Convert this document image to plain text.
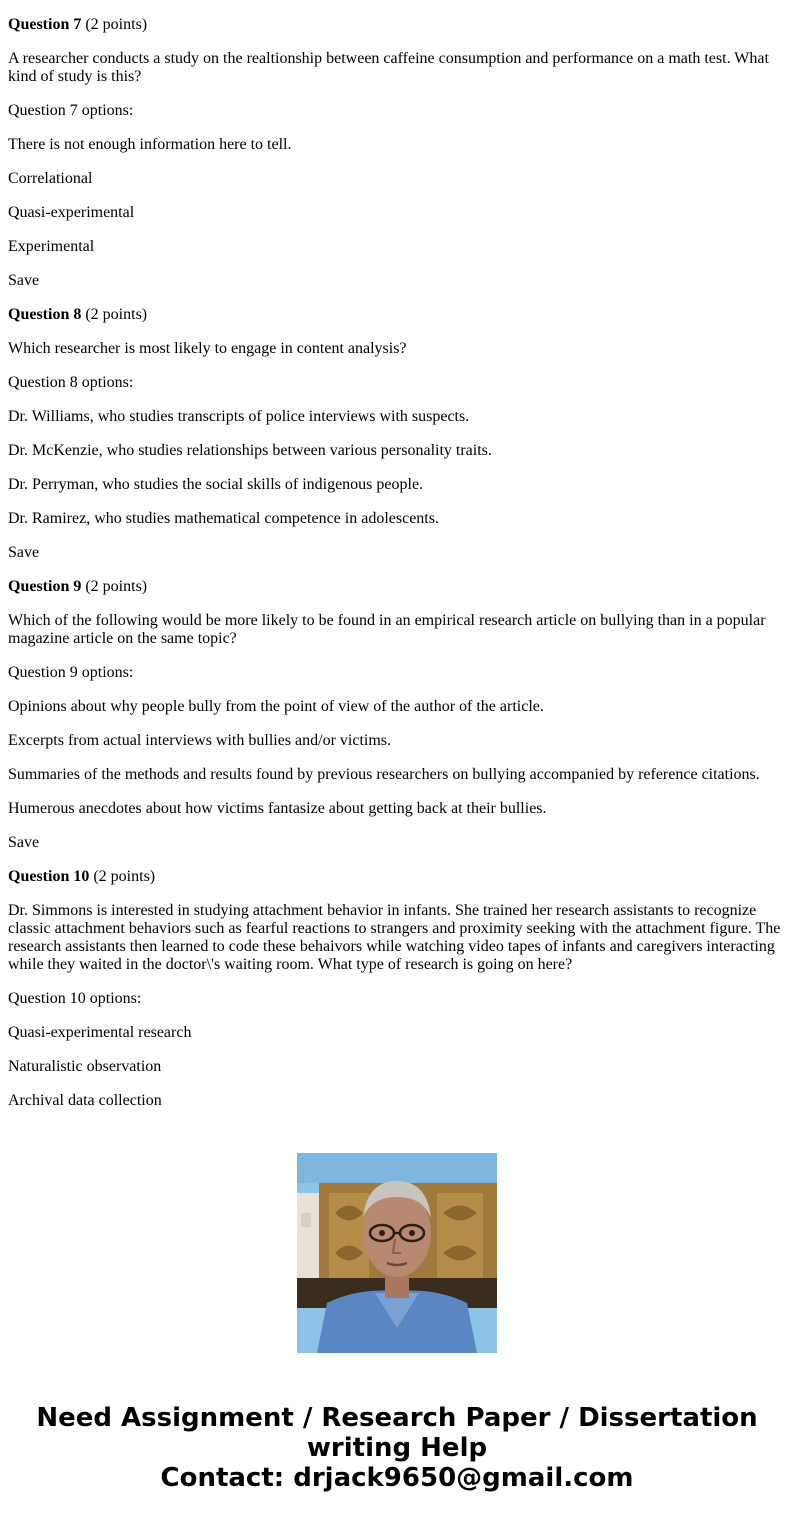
Question 7 (2 points)

A researcher conducts a study on the realtionship between caffeine consumption and performance on a math test. What kind of study is this?

Question 7 options:

There is not enough information here to tell.

Correlational

Quasi-experimental

Experimental

Save

Question 8 (2 points)

Which researcher is most likely to engage in content analysis?

Question 8 options:

Dr. Williams, who studies transcripts of police interviews with suspects.

Dr. McKenzie, who studies relationships between various personality traits.

Dr. Perryman, who studies the social skills of indigenous people.

Dr. Ramirez, who studies mathematical competence in adolescents.

Save

Question 9 (2 points)

Which of the following would be more likely to be found in an empirical research article on bullying than in a popular magazine article on the same topic?

Question 9 options:

Opinions about why people bully from the point of view of the author of the article.

Excerpts from actual interviews with bullies and/or victims.

Summaries of the methods and results found by previous researchers on bullying accompanied by reference citations.

Humerous anecdotes about how victims fantasize about getting back at their bullies.

Save

Question 10 (2 points)

Dr. Simmons is interested in studying attachment behavior in infants. She trained her research assistants to recognize classic attachment behaviors such as fearful reactions to strangers and proximity seeking with the attachment figure. The research assistants then learned to code these behaivors while watching video tapes of infants and caregivers interacting while they waited in the doctor\'s waiting room. What type of research is going on here?

Question 10 options:

Quasi-experimental research

Naturalistic observation

Archival data collection

Need Assignment / Research Paper / Dissertation
writing Help
Contact: drjack9650@gmail.com
